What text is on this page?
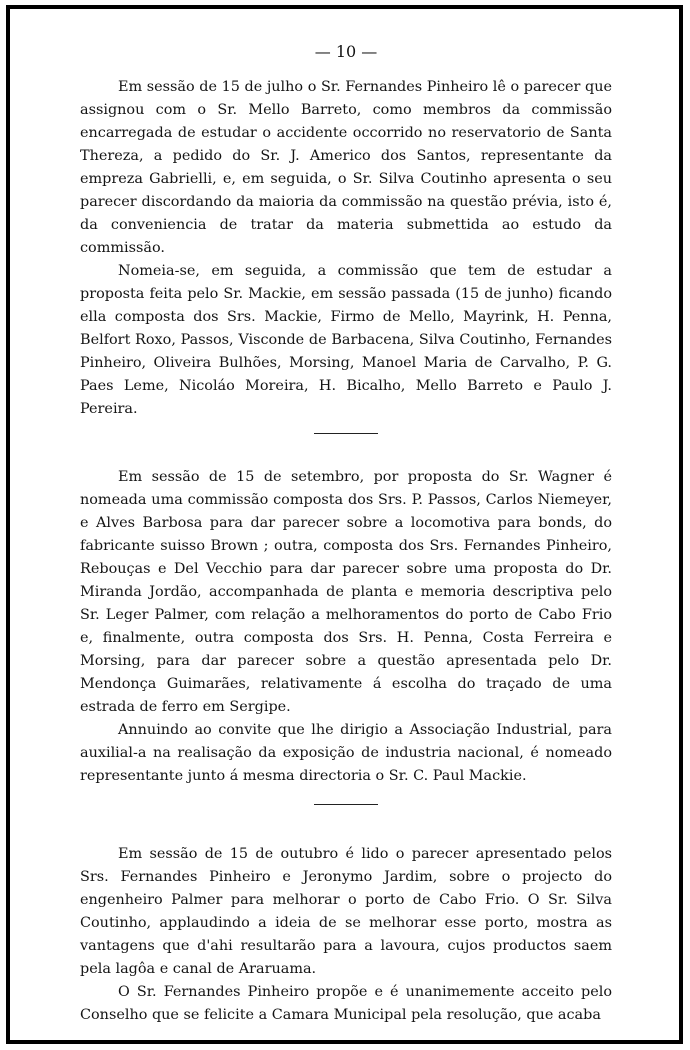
— 10 —

Em sessão de 15 de julho o Sr. Fernandes Pinheiro lê o parecer que assignou com o Sr. Mello Barreto, como membros da commissão encarregada de estudar o accidente occorrido no reservatorio de Santa Thereza, a pedido do Sr. J. Americo dos Santos, representante da empreza Gabrielli, e, em seguida, o Sr. Silva Coutinho apresenta o seu parecer discordando da maioria da commissão na questão prévia, isto é, da conveniencia de tratar da materia submettida ao estudo da commissão.

Nomeia-se, em seguida, a commissão que tem de estudar a proposta feita pelo Sr. Mackie, em sessão passada (15 de junho) ficando ella composta dos Srs. Mackie, Firmo de Mello, Mayrink, H. Penna, Belfort Roxo, Passos, Visconde de Barbacena, Silva Coutinho, Fernandes Pinheiro, Oliveira Bulhões, Morsing, Manoel Maria de Carvalho, P. G. Paes Leme, Nicoláo Moreira, H. Bicalho, Mello Barreto e Paulo J. Pereira.

Em sessão de 15 de setembro, por proposta do Sr. Wagner é nomeada uma commissão composta dos Srs. P. Passos, Carlos Niemeyer, e Alves Barbosa para dar parecer sobre a locomotiva para bonds, do fabricante suisso Brown ; outra, composta dos Srs. Fernandes Pinheiro, Rebouças e Del Vecchio para dar parecer sobre uma proposta do Dr. Miranda Jordão, accompanhada de planta e memoria descriptiva pelo Sr. Leger Palmer, com relação a melhoramentos do porto de Cabo Frio e, finalmente, outra composta dos Srs. H. Penna, Costa Ferreira e Morsing, para dar parecer sobre a questão apresentada pelo Dr. Mendonça Guimarães, relativamente á escolha do traçado de uma estrada de ferro em Sergipe.

Annuindo ao convite que lhe dirigio a Associação Industrial, para auxilial-a na realisação da exposição de industria nacional, é nomeado representante junto á mesma directoria o Sr. C. Paul Mackie.

Em sessão de 15 de outubro é lido o parecer apresentado pelos Srs. Fernandes Pinheiro e Jeronymo Jardim, sobre o projecto do engenheiro Palmer para melhorar o porto de Cabo Frio. O Sr. Silva Coutinho, applaudindo a ideia de se melhorar esse porto, mostra as vantagens que d'ahi resultarão para a lavoura, cujos productos saem pela lagôa e canal de Araruama.

O Sr. Fernandes Pinheiro propõe e é unanimemente acceito pelo Conselho que se felicite a Camara Municipal pela resolução, que acaba
